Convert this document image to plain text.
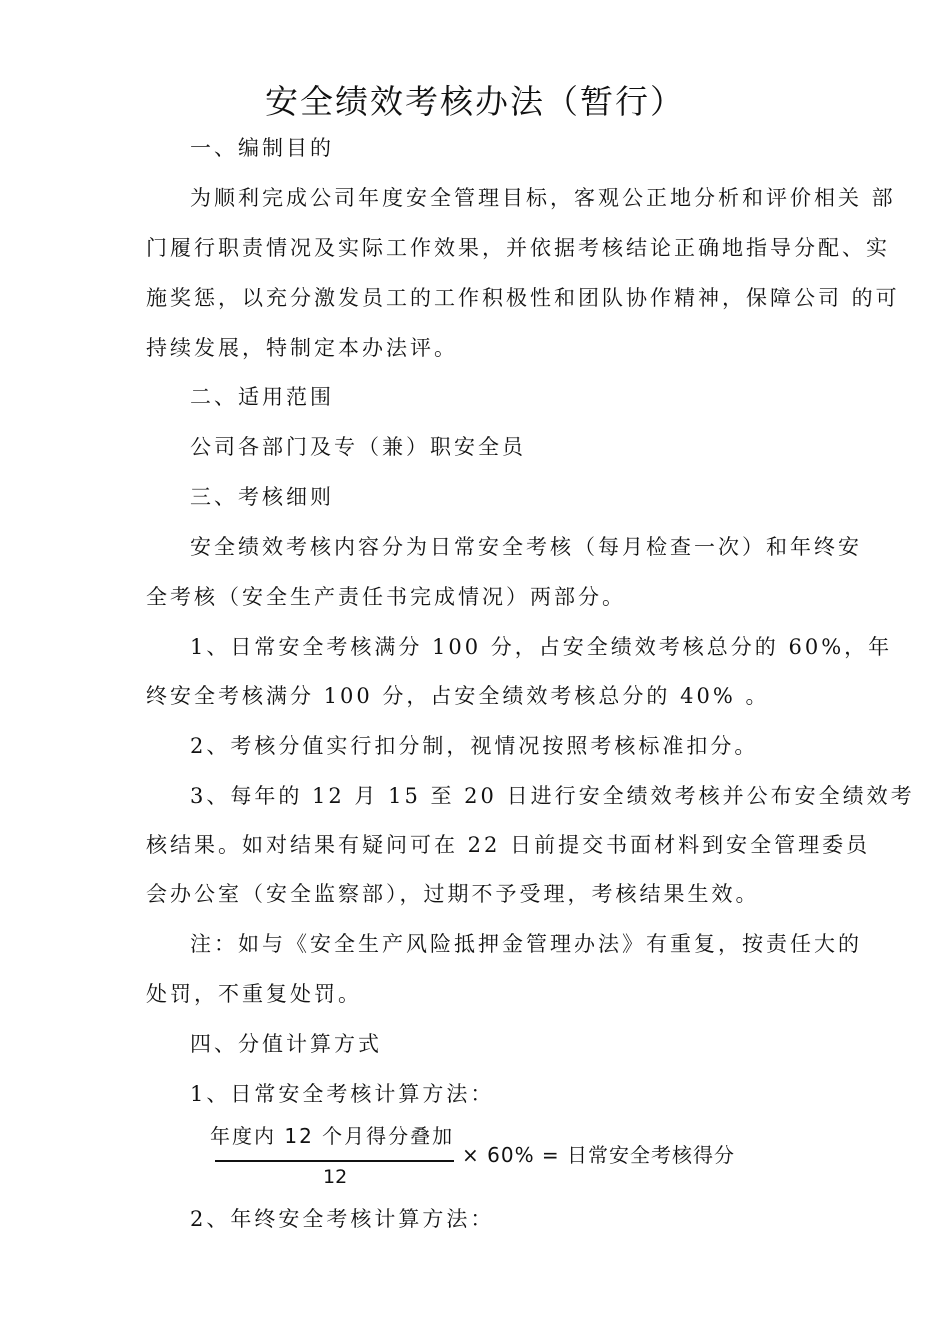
安全绩效考核办法（暂行）
一、编制目的
为顺利完成公司年度安全管理目标，客观公正地分析和评价相关 部
门履行职责情况及实际工作效果，并依据考核结论正确地指导分配、实
施奖惩，以充分激发员工的工作积极性和团队协作精神，保障公司 的可
持续发展，特制定本办法评。
二、适用范围
公司各部门及专（兼）职安全员
三、考核细则
安全绩效考核内容分为日常安全考核（每月检查一次）和年终安
全考核（安全生产责任书完成情况）两部分。
1、日常安全考核满分 100 分，占安全绩效考核总分的 60%，年
终安全考核满分 100 分，占安全绩效考核总分的 40% 。
2、考核分值实行扣分制，视情况按照考核标准扣分。
3、每年的 12 月 15 至 20 日进行安全绩效考核并公布安全绩效考
核结果。如对结果有疑问可在 22 日前提交书面材料到安全管理委员
会办公室（安全监察部），过期不予受理，考核结果生效。
注：如与《安全生产风险抵押金管理办法》有重复，按责任大的
处罚，不重复处罚。
四、分值计算方式
1、日常安全考核计算方法：
年度内 12 个月得分叠加
12
× 60% = 日常安全考核得分
2、年终安全考核计算方法：
